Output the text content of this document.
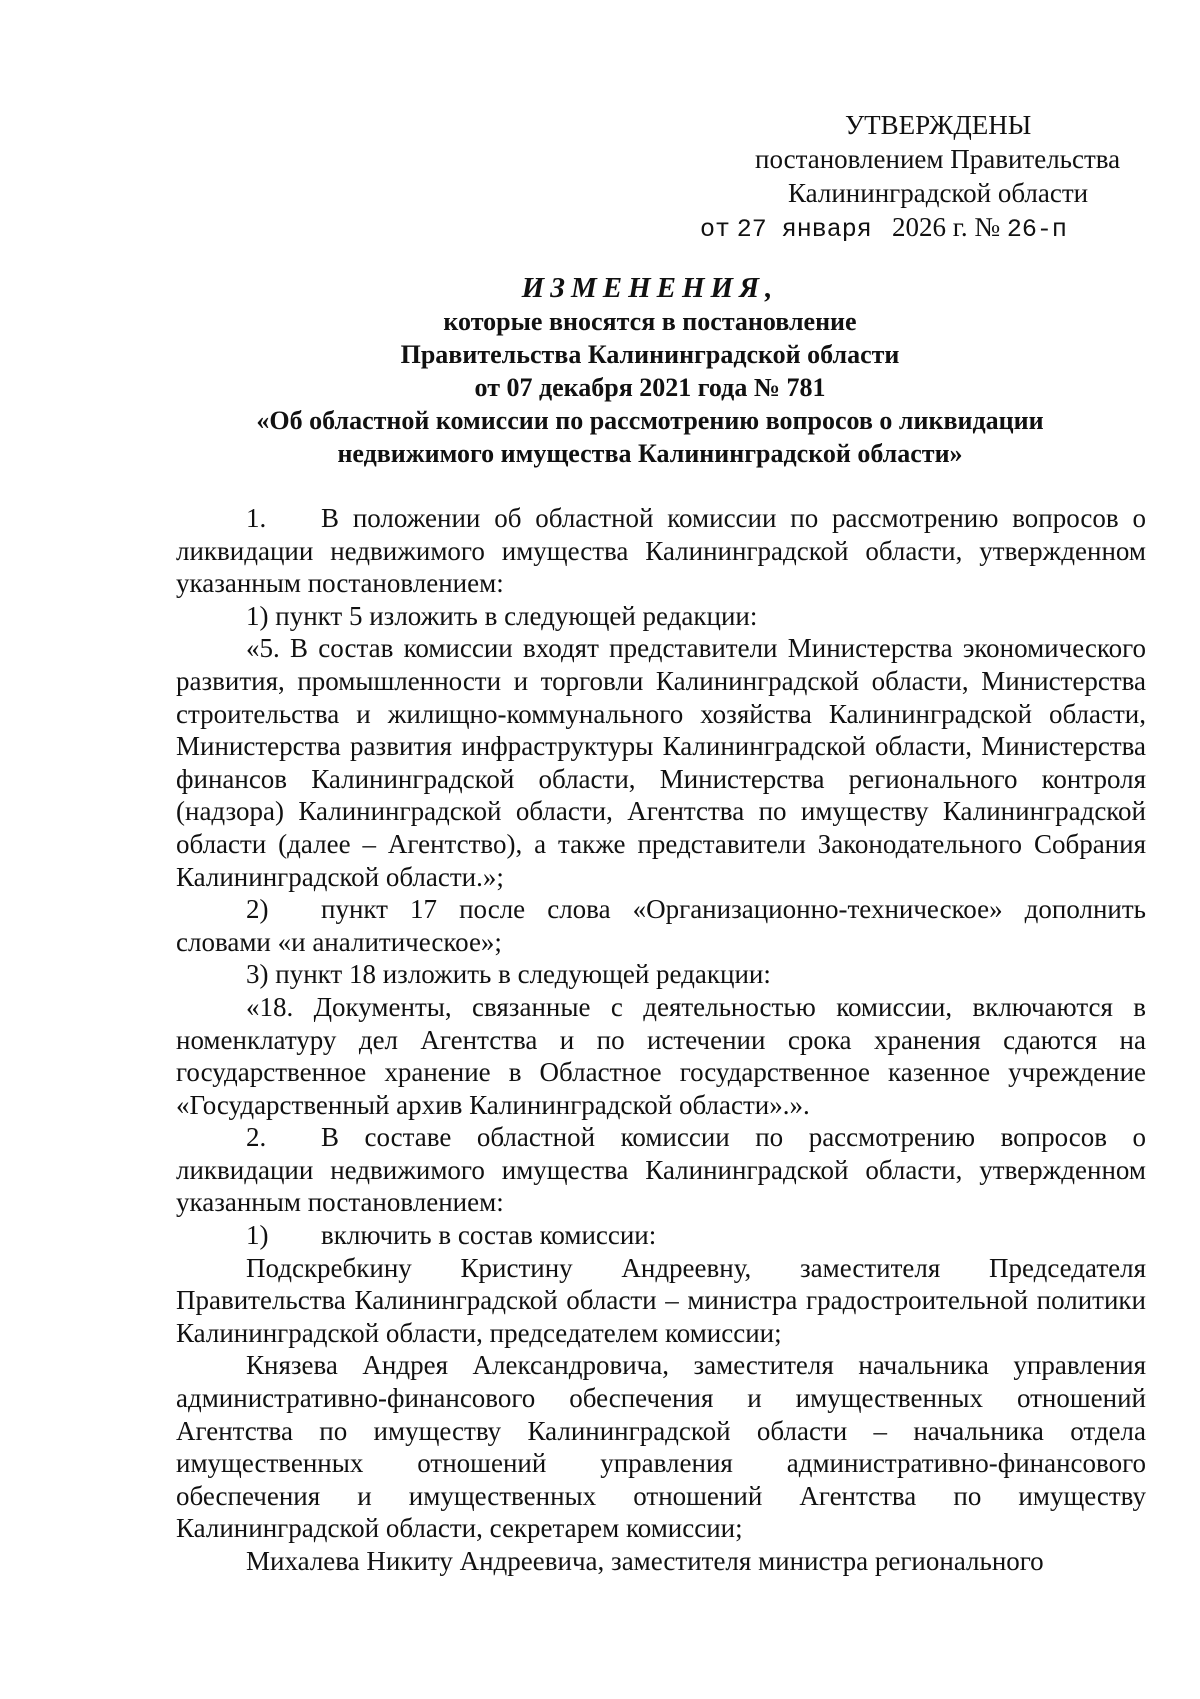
УТВЕРЖДЕНЫ
постановлением Правительства
Калининградской области
от 27 января 2026 г. № 26-п
ИЗМЕНЕНИЯ,
которые вносятся в постановление
Правительства Калининградской области
от 07 декабря 2021 года № 781
«Об областной комиссии по рассмотрению вопросов о ликвидации
недвижимого имущества Калининградской области»

1. В положении об областной комиссии по рассмотрению вопросов о ликвидации недвижимого имущества Калининградской области, утвержденном указанным постановлением:

1) пункт 5 изложить в следующей редакции:

«5. В состав комиссии входят представители Министерства экономического развития, промышленности и торговли Калининградской области, Министерства строительства и жилищно-коммунального хозяйства Калининградской области, Министерства развития инфраструктуры Калининградской области, Министерства финансов Калининградской области, Министерства регионального контроля (надзора) Калининградской области, Агентства по имуществу Калининградской области (далее – Агентство), а также представители Законодательного Собрания Калининградской области.»;

2) пункт 17 после слова «Организационно-техническое» дополнить словами «и аналитическое»;

3) пункт 18 изложить в следующей редакции:

«18. Документы, связанные с деятельностью комиссии, включаются в номенклатуру дел Агентства и по истечении срока хранения сдаются на государственное хранение в Областное государственное казенное учреждение «Государственный архив Калининградской области».».

2. В составе областной комиссии по рассмотрению вопросов о ликвидации недвижимого имущества Калининградской области, утвержденном указанным постановлением:

1) включить в состав комиссии:

Подскребкину Кристину Андреевну, заместителя Председателя Правительства Калининградской области – министра градостроительной политики Калининградской области, председателем комиссии;

Князева Андрея Александровича, заместителя начальника управления административно-финансового обеспечения и имущественных отношений Агентства по имуществу Калининградской области – начальника отдела имущественных отношений управления административно-финансового обеспечения и имущественных отношений Агентства по имуществу Калининградской области, секретарем комиссии;

Михалева Никиту Андреевича, заместителя министра регионального
